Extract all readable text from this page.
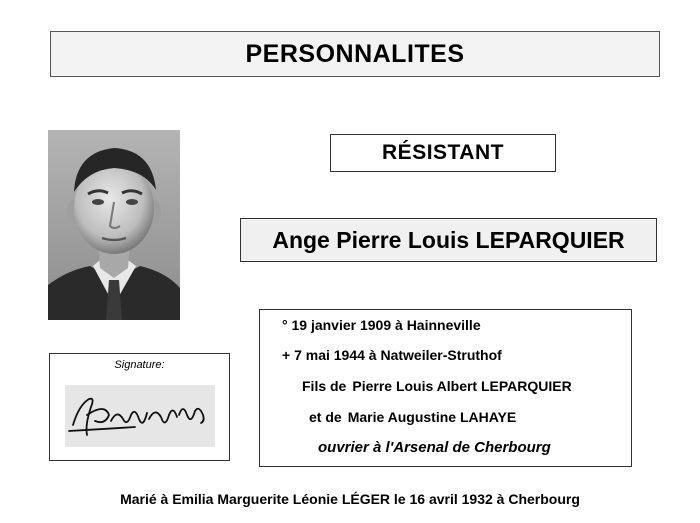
PERSONNALITES
RÉSISTANT
Ange Pierre Louis LEPARQUIER
Signature:
° 19 janvier 1909 à Hainneville
+ 7 mai 1944 à Natweiler-Struthof
Fils de Pierre Louis Albert LEPARQUIER
et de Marie Augustine LAHAYE
ouvrier à l'Arsenal de Cherbourg
Marié à Emilia Marguerite Léonie LÉGER le 16 avril 1932 à Cherbourg
